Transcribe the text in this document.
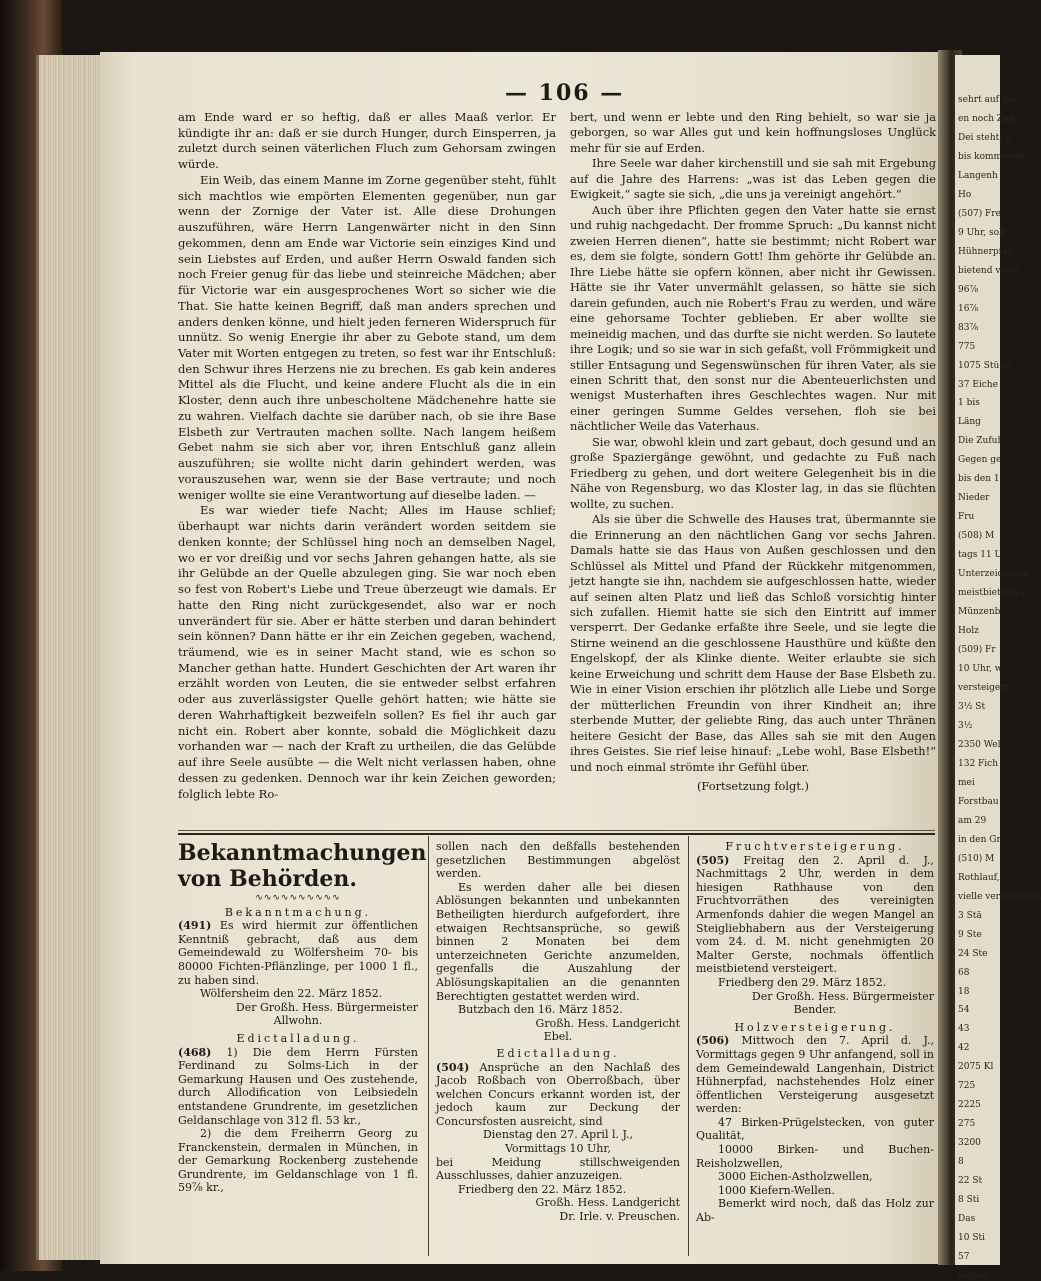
sehrt auf der
en noch Zug
Dei steht, u
bis kommende
Langenh
Ho
(507) Fre
9 Uhr, soll i
Hühnerpfad,
bietend verst
96⅞
16⅞
83⅞
775
1075 Stück
37 Eiche
1 bis
Läng
Die Zufuh
Gegen ge
bis den 1.
Nieder
Fru
(508) M
tags 11 U
Unterzeichnete
meistbietend v
Münzenb
Holz
(509) Fr
10 Uhr, w
versteigert:
3½ St
3½
2350 Wel
132 Fich
mei
Forstbau
am 29
in den Gr.
(510) M
Rothlauf,
vielle verstgeigert
3 Stä
9 Ste
24 Ste
68
18
54
43
42
2075 Kl
725
2225
275
3200
8
22 St
8 Sti
Das
10 Sti
57
Gegen
— 106 —

am Ende ward er so heftig, daß er alles Maaß verlor. Er kündigte ihr an: daß er sie durch Hunger, durch Einsperren, ja zuletzt durch seinen väterlichen Fluch zum Gehorsam zwingen würde.

Ein Weib, das einem Manne im Zorne gegenüber steht, fühlt sich machtlos wie empörten Elementen gegenüber, nun gar wenn der Zornige der Vater ist. Alle diese Drohungen auszuführen, wäre Herrn Langenwärter nicht in den Sinn gekommen, denn am Ende war Victorie sein einziges Kind und sein Liebstes auf Erden, und außer Herrn Oswald fanden sich noch Freier genug für das liebe und steinreiche Mädchen; aber für Victorie war ein ausgesprochenes Wort so sicher wie die That. Sie hatte keinen Begriff, daß man anders sprechen und anders denken könne, und hielt jeden ferneren Widerspruch für unnütz. So wenig Energie ihr aber zu Gebote stand, um dem Vater mit Worten entgegen zu treten, so fest war ihr Entschluß: den Schwur ihres Herzens nie zu brechen. Es gab kein anderes Mittel als die Flucht, und keine andere Flucht als die in ein Kloster, denn auch ihre unbescholtene Mädchenehre hatte sie zu wahren. Vielfach dachte sie darüber nach, ob sie ihre Base Elsbeth zur Vertrauten machen sollte. Nach langem heißem Gebet nahm sie sich aber vor, ihren Entschluß ganz allein auszuführen; sie wollte nicht darin gehindert werden, was vorauszusehen war, wenn sie der Base vertraute; und noch weniger wollte sie eine Verantwortung auf dieselbe laden. —

Es war wieder tiefe Nacht; Alles im Hause schlief; überhaupt war nichts darin verändert worden seitdem sie denken konnte; der Schlüssel hing noch an demselben Nagel, wo er vor dreißig und vor sechs Jahren gehangen hatte, als sie ihr Gelübde an der Quelle abzulegen ging. Sie war noch eben so fest von Robert's Liebe und Treue überzeugt wie damals. Er hatte den Ring nicht zurückgesendet, also war er noch unverändert für sie. Aber er hätte sterben und daran behindert sein können? Dann hätte er ihr ein Zeichen gegeben, wachend, träumend, wie es in seiner Macht stand, wie es schon so Mancher gethan hatte. Hundert Geschichten der Art waren ihr erzählt worden von Leuten, die sie entweder selbst erfahren oder aus zuverlässigster Quelle gehört hatten; wie hätte sie deren Wahrhaftigkeit bezweifeln sollen? Es fiel ihr auch gar nicht ein. Robert aber konnte, sobald die Möglichkeit dazu vorhanden war — nach der Kraft zu urtheilen, die das Gelübde auf ihre Seele ausübte — die Welt nicht verlassen haben, ohne dessen zu gedenken. Dennoch war ihr kein Zeichen geworden; folglich lebte Ro-

bert, und wenn er lebte und den Ring behielt, so war sie ja geborgen, so war Alles gut und kein hoffnungsloses Unglück mehr für sie auf Erden.

Ihre Seele war daher kirchenstill und sie sah mit Ergebung auf die Jahre des Harrens: „was ist das Leben gegen die Ewigkeit,“ sagte sie sich, „die uns ja vereinigt angehört.“

Auch über ihre Pflichten gegen den Vater hatte sie ernst und ruhig nachgedacht. Der fromme Spruch: „Du kannst nicht zweien Herren dienen“, hatte sie bestimmt; nicht Robert war es, dem sie folgte, sondern Gott! Ihm gehörte ihr Gelübde an. Ihre Liebe hätte sie opfern können, aber nicht ihr Gewissen. Hätte sie ihr Vater unvermählt gelassen, so hätte sie sich darein gefunden, auch nie Robert's Frau zu werden, und wäre eine gehorsame Tochter geblieben. Er aber wollte sie meineidig machen, und das durfte sie nicht werden. So lautete ihre Logik; und so sie war in sich gefaßt, voll Frömmigkeit und stiller Entsagung und Segenswünschen für ihren Vater, als sie einen Schritt that, den sonst nur die Abenteuerlichsten und wenigst Musterhaften ihres Geschlechtes wagen. Nur mit einer geringen Summe Geldes versehen, floh sie bei nächtlicher Weile das Vaterhaus.

Sie war, obwohl klein und zart gebaut, doch gesund und an große Spaziergänge gewöhnt, und gedachte zu Fuß nach Friedberg zu gehen, und dort weitere Gelegenheit bis in die Nähe von Regensburg, wo das Kloster lag, in das sie flüchten wollte, zu suchen.

Als sie über die Schwelle des Hauses trat, übermannte sie die Erinnerung an den nächtlichen Gang vor sechs Jahren. Damals hatte sie das Haus von Außen geschlossen und den Schlüssel als Mittel und Pfand der Rückkehr mitgenommen, jetzt hangte sie ihn, nachdem sie aufgeschlossen hatte, wieder auf seinen alten Platz und ließ das Schloß vorsichtig hinter sich zufallen. Hiemit hatte sie sich den Eintritt auf immer versperrt. Der Gedanke erfaßte ihre Seele, und sie legte die Stirne weinend an die geschlossene Hausthüre und küßte den Engelskopf, der als Klinke diente. Weiter erlaubte sie sich keine Erweichung und schritt dem Hause der Base Elsbeth zu. Wie in einer Vision erschien ihr plötzlich alle Liebe und Sorge der mütterlichen Freundin von ihrer Kindheit an; ihre sterbende Mutter, der geliebte Ring, das auch unter Thränen heitere Gesicht der Base, das Alles sah sie mit den Augen ihres Geistes. Sie rief leise hinauf: „Lebe wohl, Base Elsbeth!“ und noch einmal strömte ihr Gefühl über.

(Fortsetzung folgt.)

Bekanntmachungen von Behörden.

∿∿∿∿∿∿∿∿∿∿

Bekanntmachung.

(491) Es wird hiermit zur öffentlichen Kenntniß gebracht, daß aus dem Gemeindewald zu Wölfersheim 70- bis 80000 Fichten-Pflänzlinge, per 1000 1 fl., zu haben sind.

Wölfersheim den 22. März 1852.

Der Großh. Hess. Bürgermeister

Allwohn.

Edictalladung.

(468) 1) Die dem Herrn Fürsten Ferdinand zu Solms-Lich in der Gemarkung Hausen und Oes zustehende, durch Allodification von Leibsiedeln entstandene Grundrente, im gesetzlichen Geldanschlage von 312 fl. 53 kr.,

2) die dem Freiherrn Georg zu Franckenstein, dermalen in München, in der Gemarkung Rockenberg zustehende Grundrente, im Geldanschlage von 1 fl. 59⅞ kr.,

sollen nach den deßfalls bestehenden gesetzlichen Bestimmungen abgelöst werden.

Es werden daher alle bei diesen Ablösungen bekannten und unbekannten Betheiligten hierdurch aufgefordert, ihre etwaigen Rechtsansprüche, so gewiß binnen 2 Monaten bei dem unterzeichneten Gerichte anzumelden, gegenfalls die Auszahlung der Ablösungskapitalien an die genannten Berechtigten gestattet werden wird.

Butzbach den 16. März 1852.

Großh. Hess. Landgericht

Ebel.

Edictalladung.

(504) Ansprüche an den Nachlaß des Jacob Roßbach von Oberroßbach, über welchen Concurs erkannt worden ist, der jedoch kaum zur Deckung der Concursfosten ausreicht, sind

Dienstag den 27. April l. J.,

Vormittags 10 Uhr,

bei Meidung stillschweigenden Ausschlusses, dahier anzuzeigen.

Friedberg den 22. März 1852.

Großh. Hess. Landgericht

Dr. Irle. v. Preuschen.

Fruchtversteigerung.

(505) Freitag den 2. April d. J., Nachmittags 2 Uhr, werden in dem hiesigen Rathhause von den Fruchtvorräthen des vereinigten Armenfonds dahier die wegen Mangel an Steigliebhabern aus der Versteigerung vom 24. d. M. nicht genehmigten 20 Malter Gerste, nochmals öffentlich meistbietend versteigert.

Friedberg den 29. März 1852.

Der Großh. Hess. Bürgermeister

Bender.

Holzversteigerung.

(506) Mittwoch den 7. April d. J., Vormittags gegen 9 Uhr anfangend, soll in dem Gemeindewald Langenhain, District Hühnerpfad, nachstehendes Holz einer öffentlichen Versteigerung ausgesetzt werden:

47 Birken-Prügelstecken, von guter Qualität,

10000 Birken- und Buchen-Reisholzwellen,

3000 Eichen-Astholzwellen,

1000 Kiefern-Wellen.

Bemerkt wird noch, daß das Holz zur Ab-
